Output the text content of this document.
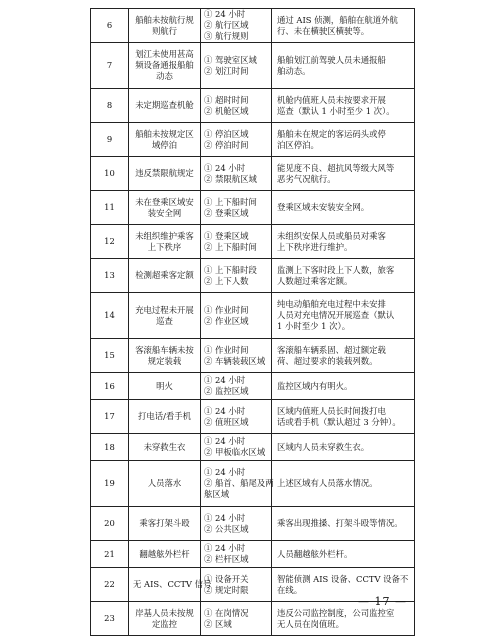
6	船舶未按航行规
则航行	① 24 小时
② 航行区域
③ 航行规则	通过 AIS 侦测，船舶在航道外航
行、未在横驶区横驶等。

7	划江未使用甚高
频设备通报船舶
动态	① 驾驶室区域
② 划江时间	船舶划江前驾驶人员未通报船
舶动态。

8	未定期巡查机舱	① 超时时间
② 机舱区域	机舱内值班人员未按要求开展
巡查（默认 1 小时至少 1 次）。

9	船舶未按规定区
域停泊	① 停泊区域
② 停泊时间	船舶未在规定的客运码头或停
泊区停泊。

10	违反禁限航规定	① 24 小时
② 禁限航区域	能见度不良、超抗风等级大风等
恶劣气况航行。

11	未在登乘区域安
装安全网	① 上下船时间
② 登乘区域	登乘区域未安装安全网。

12	未组织维护乘客
上下秩序	① 登乘区域
② 上下船时间	未组织安保人员或船员对乘客
上下秩序进行维护。

13	检测超乘客定额	① 上下船时段
② 上下人数	监测上下客时段上下人数，旅客
人数超过乘客定额。

14	充电过程未开展
巡查	① 作业时间
② 作业区域	纯电动船舶充电过程中未安排
人员对充电情况开展巡查（默认
1 小时至少 1 次）。

15	客滚船车辆未按
规定装载	① 作业时间
② 车辆装载区域	客滚船车辆系固、超过额定载
荷、超过要求的装载列数。

16	明火	① 24 小时
② 监控区域	监控区域内有明火。

17	打电话/看手机	① 24 小时
② 值班区域	区域内值班人员长时间拨打电
话或看手机（默认超过 3 分钟）。

18	未穿救生衣	① 24 小时
② 甲板临水区域	区域内人员未穿救生衣。

19	人员落水	① 24 小时
② 船首、船尾及两
舷区域	上述区域有人员落水情况。

20	乘客打架斗殴	① 24 小时
② 公共区域	乘客出现推搡、打架斗殴等情况。

21	翻越舷外栏杆	① 24 小时
② 栏杆区域	人员翻越舷外栏杆。

22	无 AIS、CCTV 信号	① 设备开关
② 规定时限	智能侦测 AIS 设备、CCTV 设备不
在线。

23	岸基人员未按规
定监控	① 在岗情况
② 区域	违反公司监控制度，公司监控室
无人员在岗值班。
— 17 —
